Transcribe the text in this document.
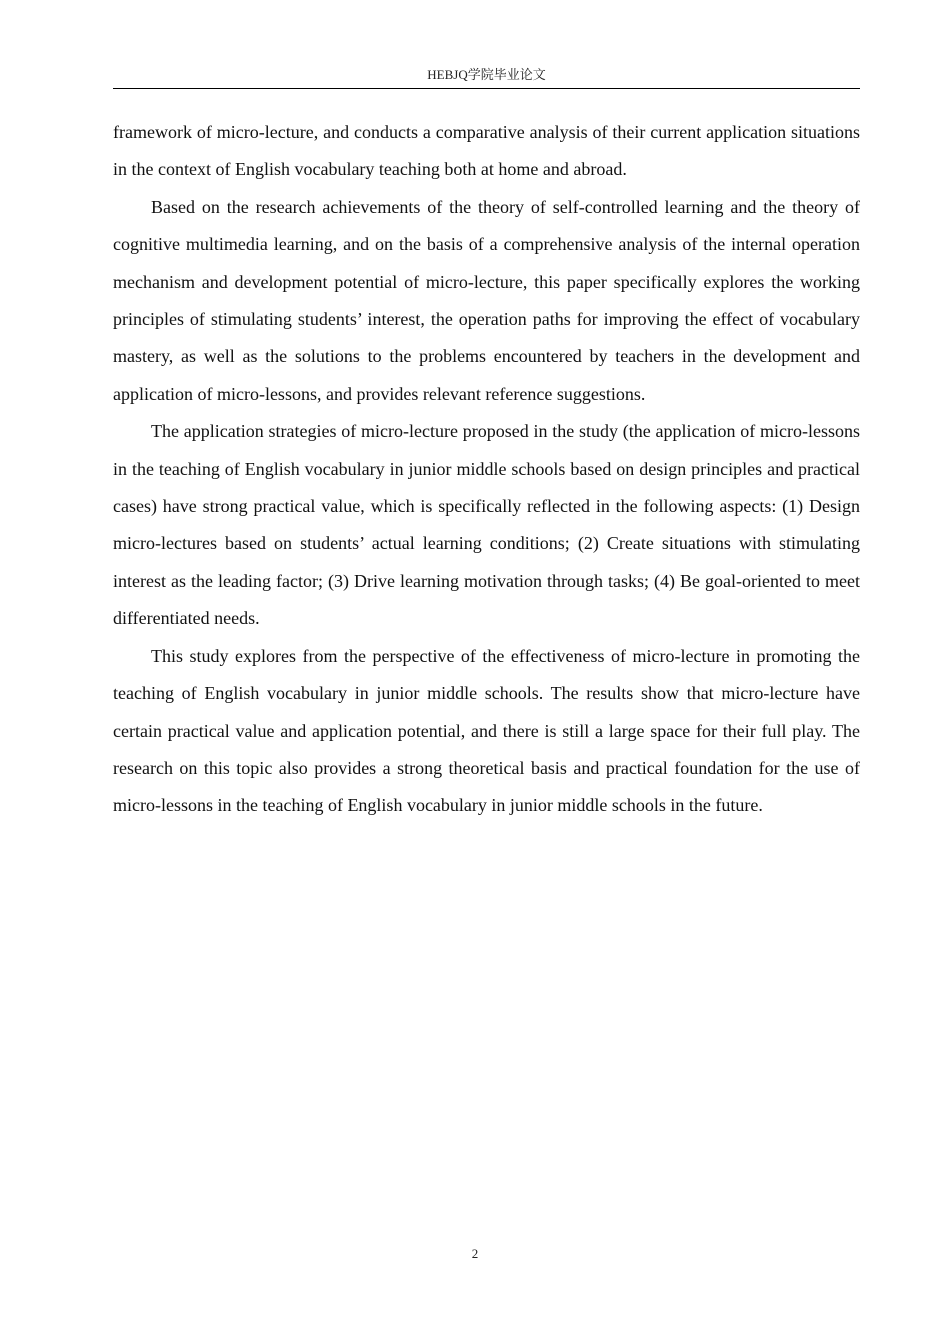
HEBJQ学院毕业论文

framework of micro-lecture, and conducts a comparative analysis of their current application situations in the context of English vocabulary teaching both at home and abroad.

Based on the research achievements of the theory of self-controlled learning and the theory of cognitive multimedia learning, and on the basis of a comprehensive analysis of the internal operation mechanism and development potential of micro-lecture, this paper specifically explores the working principles of stimulating students’ interest, the operation paths for improving the effect of vocabulary mastery, as well as the solutions to the problems encountered by teachers in the development and application of micro-lessons, and provides relevant reference suggestions.

The application strategies of micro-lecture proposed in the study (the application of micro-lessons in the teaching of English vocabulary in junior middle schools based on design principles and practical cases) have strong practical value, which is specifically reflected in the following aspects: (1) Design micro-lectures based on students’ actual learning conditions; (2) Create situations with stimulating interest as the leading factor; (3) Drive learning motivation through tasks; (4) Be goal-oriented to meet differentiated needs.

This study explores from the perspective of the effectiveness of micro-lecture in promoting the teaching of English vocabulary in junior middle schools. The results show that micro-lecture have certain practical value and application potential, and there is still a large space for their full play. The research on this topic also provides a strong theoretical basis and practical foundation for the use of micro-lessons in the teaching of English vocabulary in junior middle schools in the future.

2
